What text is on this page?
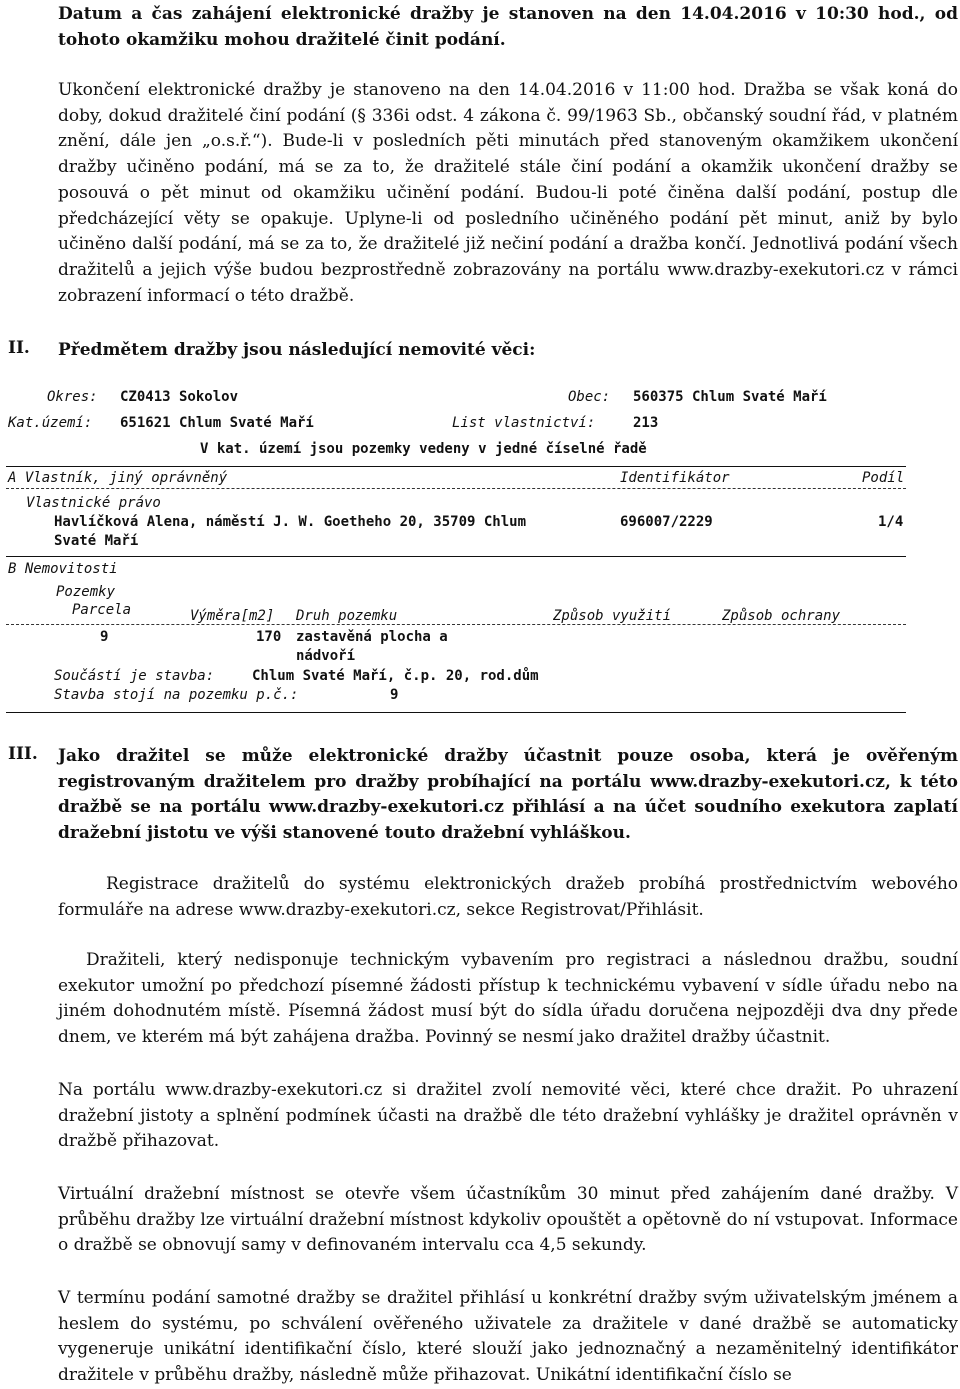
Datum a čas zahájení elektronické dražby je stanoven na den 14.04.2016 v 10:30 hod., od tohoto okamžiku mohou dražitelé činit podání.

Ukončení elektronické dražby je stanoveno na den 14.04.2016 v 11:00 hod. Dražba se však koná do doby, dokud dražitelé činí podání (§ 336i odst. 4 zákona č. 99/1963 Sb., občanský soudní řád, v platném znění, dále jen „o.s.ř.“). Bude-li v posledních pěti minutách před stanoveným okamžikem ukončení dražby učiněno podání, má se za to, že dražitelé stále činí podání a okamžik ukončení dražby se posouvá o pět minut od okamžiku učinění podání. Budou-li poté činěna další podání, postup dle předcházející věty se opakuje. Uplyne-li od posledního učiněného podání pět minut, aniž by bylo učiněno další podání, má se za to, že dražitelé již nečiní podání a dražba končí. Jednotlivá podání všech dražitelů a jejich výše budou bezprostředně zobrazovány na portálu www.drazby-exekutori.cz v rámci zobrazení informací o této dražbě.

II. Předmětem dražby jsou následující nemovité věci:

Okres: CZ0413 Sokolov	Obec: 560375 Chlum Svaté Maří
Kat.území: 651621 Chlum Svaté Maří	List vlastnictví:	213
V kat. území jsou pozemky vedeny v jedné číselné řadě
A Vlastník, jiný oprávněný	Identifikátor	Podíl
Vlastnické právo
Havlíčková Alena, náměstí J. W. Goetheho 20, 35709 Chlum	696007/2229	1/4
Svaté Maří
B Nemovitosti
Pozemky
Parcela	Výměra[m2] Druh pozemku	Způsob využití	Způsob ochrany
9	170 zastavěná plocha a
nádvoří
Součástí je stavba:	Chlum Svaté Maří, č.p. 20, rod.dům
Stavba stojí na pozemku p.č.:	9
III. Jako dražitel se může elektronické dražby účastnit pouze osoba, která je ověřeným registrovaným dražitelem pro dražby probíhající na portálu www.drazby-exekutori.cz, k této dražbě se na portálu www.drazby-exekutori.cz přihlásí a na účet soudního exekutora zaplatí dražební jistotu ve výši stanovené touto dražební vyhláškou.

Registrace dražitelů do systému elektronických dražeb probíhá prostřednictvím webového formuláře na adrese www.drazby-exekutori.cz, sekce Registrovat/Přihlásit.

Dražiteli, který nedisponuje technickým vybavením pro registraci a následnou dražbu, soudní exekutor umožní po předchozí písemné žádosti přístup k technickému vybavení v sídle úřadu nebo na jiném dohodnutém místě. Písemná žádost musí být do sídla úřadu doručena nejpozději dva dny přede dnem, ve kterém má být zahájena dražba. Povinný se nesmí jako dražitel dražby účastnit.

Na portálu www.drazby-exekutori.cz si dražitel zvolí nemovité věci, které chce dražit. Po uhrazení dražební jistoty a splnění podmínek účasti na dražbě dle této dražební vyhlášky je dražitel oprávněn v dražbě přihazovat.

Virtuální dražební místnost se otevře všem účastníkům 30 minut před zahájením dané dražby. V průběhu dražby lze virtuální dražební místnost kdykoliv opouštět a opětovně do ní vstupovat. Informace o dražbě se obnovují samy v definovaném intervalu cca 4,5 sekundy.

V termínu podání samotné dražby se dražitel přihlásí u konkrétní dražby svým uživatelským jménem a heslem do systému, po schválení ověřeného uživatele za dražitele v dané dražbě se automaticky vygeneruje unikátní identifikační číslo, které slouží jako jednoznačný a nezaměnitelný identifikátor dražitele v průběhu dražby, následně může přihazovat. Unikátní identifikační číslo se
